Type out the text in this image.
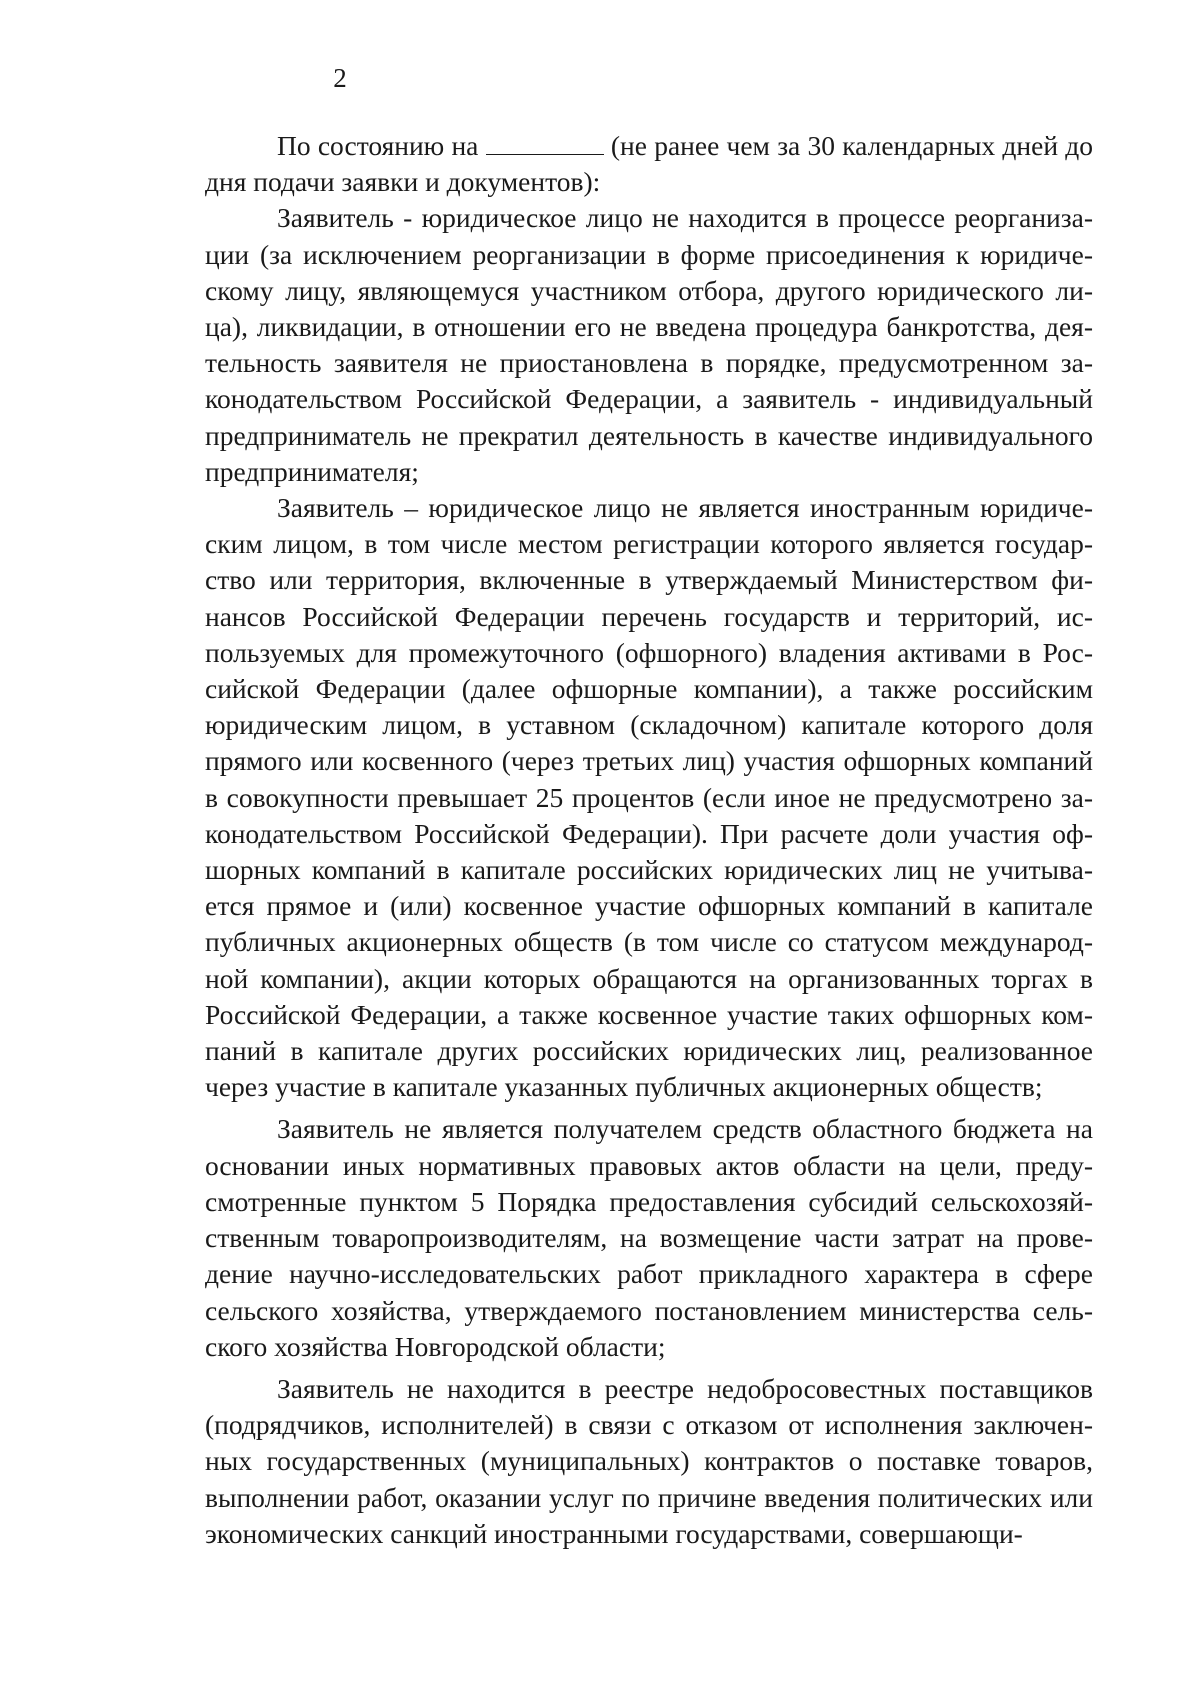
2

По состоянию на	(не ранее чем за 30 календарных дней до дня подачи заявки и документов):

Заявитель - юридическое лицо не находится в процессе реорганизации (за исключением реорганизации в форме присоединения к юридическому лицу, являющемуся участником отбора, другого юридического лица), ликвидации, в отношении его не введена процедура банкротства, деятельность заявителя не приостановлена в порядке, предусмотренном законодательством Российской Федерации, а заявитель - индивидуальный предприниматель не прекратил деятельность в качестве индивидуального предпринимателя;

Заявитель – юридическое лицо не является иностранным юридическим лицом, в том числе местом регистрации которого является государство или территория, включенные в утверждаемый Министерством финансов Российской Федерации перечень государств и территорий, используемых для промежуточного (офшорного) владения активами в Российской Федерации (далее офшорные компании), а также российским юридическим лицом, в уставном (складочном) капитале которого доля прямого или косвенного (через третьих лиц) участия офшорных компаний в совокупности превышает 25 процентов (если иное не предусмотрено законодательством Российской Федерации). При расчете доли участия офшорных компаний в капитале российских юридических лиц не учитывается прямое и (или) косвенное участие офшорных компаний в капитале публичных акционерных обществ (в том числе со статусом международной компании), акции которых обращаются на организованных торгах в Российской Федерации, а также косвенное участие таких офшорных компаний в капитале других российских юридических лиц, реализованное через участие в капитале указанных публичных акционерных обществ;

Заявитель не является получателем средств областного бюджета на основании иных нормативных правовых актов области на цели, предусмотренные пунктом 5 Порядка предоставления субсидий сельскохозяйственным товаропроизводителям, на возмещение части затрат на проведение научно-исследовательских работ прикладного характера в сфере сельского хозяйства, утверждаемого постановлением министерства сельского хозяйства Новгородской области;

Заявитель не находится в реестре недобросовестных поставщиков (подрядчиков, исполнителей) в связи с отказом от исполнения заключенных государственных (муниципальных) контрактов о поставке товаров, выполнении работ, оказании услуг по причине введения политических или экономических санкций иностранными государствами, совершающи-
